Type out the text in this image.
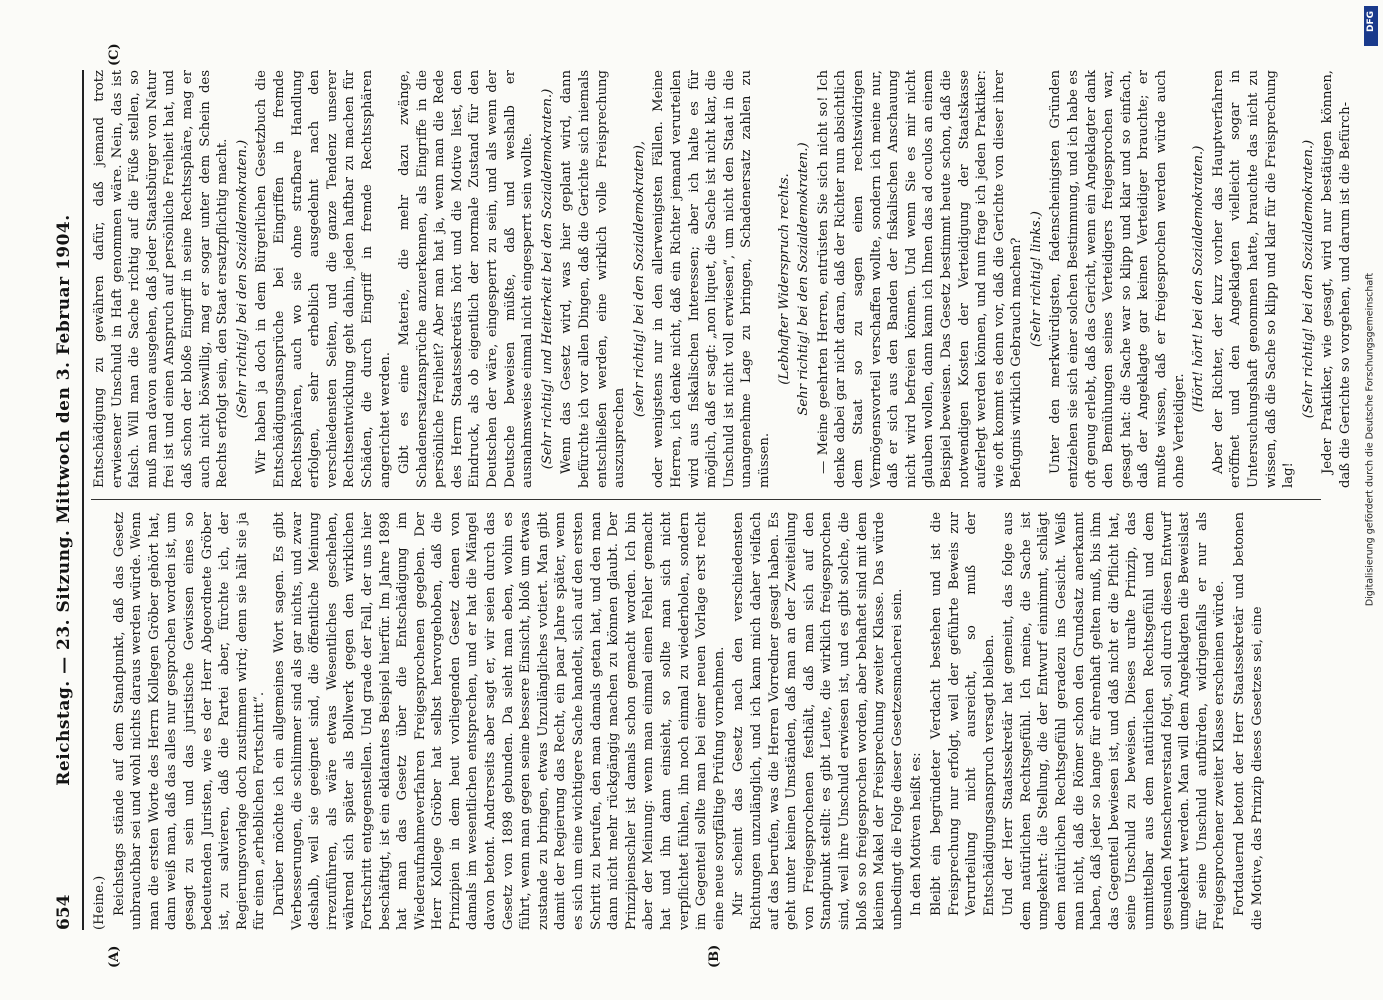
654
Reichstag. — 23. Sitzung. Mittwoch den 3. Februar 1904.
(A)	(B)
(C)

(Heine.) Reichstags stände auf dem Standpunkt, daß das Gesetz unbrauchbar sei und wohl nichts daraus werden würde. Wenn man die ersten Worte des Herrn Kollegen Gröber gehört hat, dann weiß man, daß das alles nur gesprochen worden ist, um gesagt zu sein und das juristische Gewissen eines so bedeutenden Juristen, wie es der Herr Abgeordnete Gröber ist, zu salvieren, daß die Partei aber, fürchte ich, der Regierungsvorlage doch zustimmen wird; denn sie hält sie ja für einen „erheblichen Fortschritt“. Darüber möchte ich ein allgemeines Wort sagen. Es gibt Verbesserungen, die schlimmer sind als gar nichts, und zwar deshalb, weil sie geeignet sind, die öffentliche Meinung irrezuführen, als wäre etwas Wesentliches geschehen, während sich später als Bollwerk gegen den wirklichen Fortschritt entgegenstellen. Und grade der Fall, der uns hier beschäftigt, ist ein eklatantes Beispiel hierfür. Im Jahre 1898 hat man das Gesetz über die Entschädigung im Wiederaufnahmeverfahren Freigesprochenen gegeben. Der Herr Kollege Gröber hat selbst hervorgehoben, daß die Prinzipien in dem heut vorliegenden Gesetz denen von damals im wesentlichen entsprechen, und er hat die Mängel davon betont. Andrerseits aber sagt er, wir seien durch das Gesetz von 1898 gebunden. Da sieht man eben, wohin es führt, wenn man gegen seine bessere Einsicht, bloß um etwas zustande zu bringen, etwas Unzulängliches votiert. Man gibt damit der Regierung das Recht, ein paar Jahre später, wenn es sich um eine wichtigere Sache handelt, sich auf den ersten Schritt zu berufen, den man damals getan hat, und den man dann nicht mehr rückgängig machen zu können glaubt. Der Prinzipienschler ist damals schon gemacht worden. Ich bin aber der Meinung: wenn man einmal einen Fehler gemacht hat und ihn dann einsieht, so sollte man sich nicht verpflichtet fühlen, ihn noch einmal zu wiederholen, sondern im Gegenteil sollte man bei einer neuen Vorlage erst recht eine neue sorgfältige Prüfung vornehmen. Mir scheint das Gesetz nach den verschiedensten Richtungen unzulänglich, und ich kann mich daher vielfach auf das berufen, was die Herren Vorredner gesagt haben. Es geht unter keinen Umständen, daß man an der Zweiteilung von Freigesprochenen festhält, daß man sich auf den Standpunkt stellt: es gibt Leute, die wirklich freigesprochen sind, weil ihre Unschuld erwiesen ist, und es gibt solche, die bloß so so freigesprochen worden, aber behaftet sind mit dem kleinen Makel der Freisprechung zweiter Klasse. Das würde unbedingt die Folge dieser Gesetzesmacherei sein. In den Motiven heißt es: Bleibt ein begründeter Verdacht bestehen und ist die Freisprechung nur erfolgt, weil der geführte Beweis zur Verurteilung nicht ausreicht, so muß der Entschädigungsanspruch versagt bleiben. Und der Herr Staatssekretär hat gemeint, das folge aus dem natürlichen Rechtsgefühl. Ich meine, die Sache ist umgekehrt: die Stellung, die der Entwurf einnimmt, schlägt dem natürlichen Rechtsgefühl geradezu ins Gesicht. Weiß man nicht, daß die Römer schon den Grundsatz anerkannt haben, daß jeder so lange für ehrenhaft gelten muß, bis ihm das Gegenteil bewiesen ist, und daß nicht er die Pflicht hat, seine Unschuld zu beweisen. Dieses uralte Prinzip, das unmittelbar aus dem natürlichen Rechtsgefühl und dem gesunden Menschenverstand folgt, soll durch diesen Entwurf umgekehrt werden. Man will dem Angeklagten die Beweislast für seine Unschuld aufbürden, widrigenfalls er nur als Freigesprochener zweiter Klasse erscheinen würde. Fortdauernd betont der Herr Staatssekretär und betonen die Motive, das Prinzip dieses Gesetzes sei, eine

Entschädigung zu gewähren dafür, daß jemand trotz erwiesener Unschuld in Haft genommen wäre. Nein, das ist falsch. Will man die Sache richtig auf die Füße stellen, so muß man davon ausgehen, daß jeder Staatsbürger von Natur frei ist und einen Anspruch auf persönliche Freiheit hat, und daß schon der bloße Eingriff in seine Rechtssphäre, mag er auch nicht böswillig, mag er sogar unter dem Schein des Rechts erfolgt sein, den Staat ersatzpflichtig macht. (Sehr richtig! bei den Sozialdemokraten.) Wir haben ja doch in dem Bürgerlichen Gesetzbuch die Entschädigungsansprüche bei Eingriffen in fremde Rechtssphären, auch wo sie ohne strafbare Handlung erfolgen, sehr erheblich ausgedehnt nach den verschiedensten Seiten, und die ganze Tendenz unserer Rechtsentwicklung geht dahin, jeden haftbar zu machen für Schäden, die durch Eingriff in fremde Rechtssphären angerichtet werden. Gibt es eine Materie, die mehr dazu zwänge, Schadenersatzansprüche anzuerkennen, als Eingriffe in die persönliche Freiheit? Aber man hat ja, wenn man die Rede des Herrn Staatssekretärs hört und die Motive liest, den Eindruck, als ob eigentlich der normale Zustand für den Deutschen der wäre, eingesperrt zu sein, und als wenn der Deutsche beweisen müßte, daß und weshalb er ausnahmsweise einmal nicht eingesperrt sein wollte. (Sehr richtig! und Heiterkeit bei den Sozialdemokraten.) Wenn das Gesetz wird, was hier geplant wird, dann befürchte ich vor allen Dingen, daß die Gerichte sich niemals entschließen werden, eine wirklich volle Freisprechung auszusprechen

(sehr richtig! bei den Sozialdemokraten), oder wenigstens nur in den allerwenigsten Fällen. Meine Herren, ich denke nicht, daß ein Richter jemand verurteilen wird aus fiskalischen Interessen; aber ich halte es für möglich, daß er sagt: „non liquet, die Sache ist nicht klar, die Unschuld ist nicht voll erwiesen“, um nicht den Staat in die unangenehme Lage zu bringen, Schadenersatz zahlen zu müssen.

(Lebhafter Widerspruch rechts. Sehr richtig! bei den Sozialdemokraten.) — Meine geehrten Herren, entrüsten Sie sich nicht so! Ich denke dabei gar nicht daran, daß der Richter nun absichtlich dem Staat so zu sagen einen rechtswidrigen Vermögensvorteil verschaffen wollte, sondern ich meine nur, daß er sich aus den Banden der fiskalischen Anschauung nicht wird befreien können. Und wenn Sie es mir nicht glauben wollen, dann kann ich Ihnen das ad oculos an einem Beispiel beweisen. Das Gesetz bestimmt heute schon, daß die notwendigen Kosten der Verteidigung der Staatskasse auferlegt werden können, und nun frage ich jeden Praktiker: wie oft kommt es denn vor, daß die Gerichte von dieser ihrer Befugnis wirklich Gebrauch machen? (Sehr richtig! links.) Unter den merkwürdigsten, fadenscheinigsten Gründen entziehen sie sich einer solchen Bestimmung, und ich habe es oft genug erlebt, daß das Gericht, wenn ein Angeklagter dank den Bemühungen seines Verteidigers freigesprochen war, gesagt hat: die Sache war so klipp und klar und so einfach, daß der Angeklagte gar keinen Verteidiger brauchte; er mußte wissen, daß er freigesprochen werden würde auch ohne Verteidiger.

(Hört! hört! bei den Sozialdemokraten.) Aber der Richter, der kurz vorher das Hauptverfahren eröffnet und den Angeklagten vielleicht sogar in Untersuchungshaft genommen hatte, brauchte das nicht zu wissen, daß die Sache so klipp und klar für die Freisprechung lag!

(Sehr richtig! bei den Sozialdemokraten.) Jeder Praktiker, wie gesagt, wird nur bestätigen können, daß die Gerichte so vorgehen, und darum ist die Befürch-

DFG
Digitalisierung gefördert durch die Deutsche Forschungsgemeinschaft
